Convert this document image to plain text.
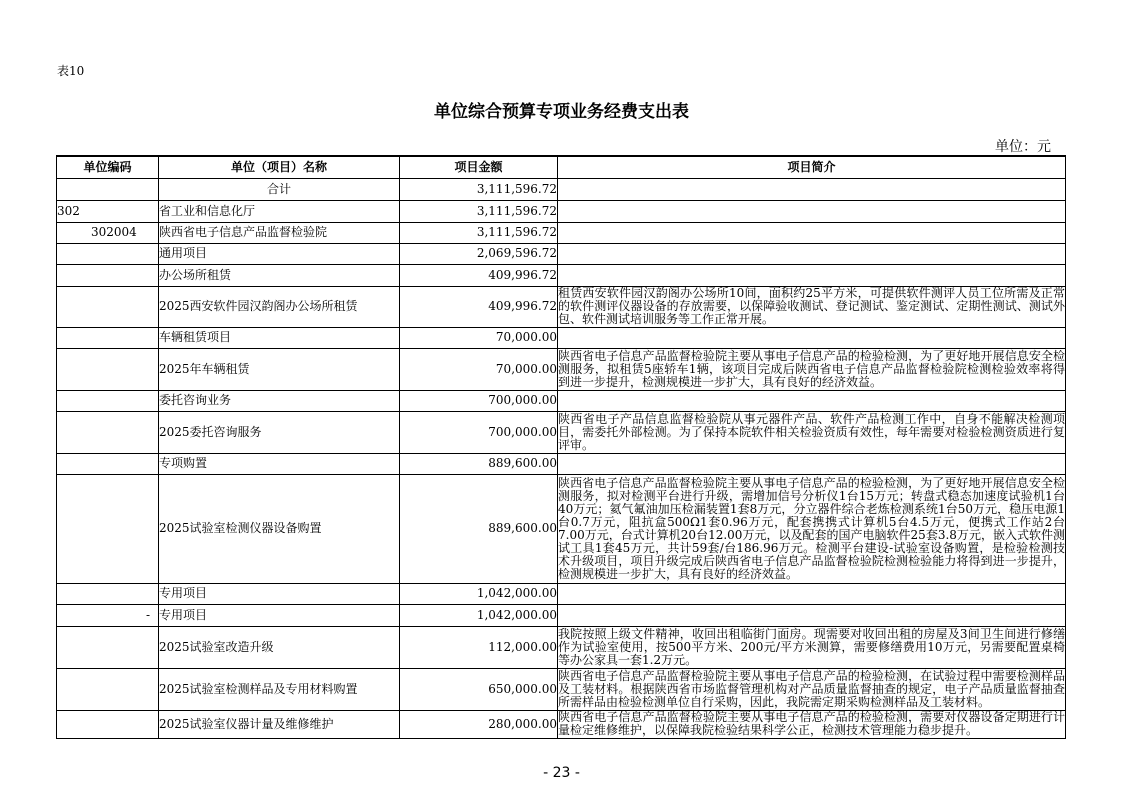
表10
单位综合预算专项业务经费支出表
单位：元
单位编码	单位（项目）名称	项目金额	项目简介
	合计	3,111,596.72	
302	省工业和信息化厅	3,111,596.72	
302004	陕西省电子信息产品监督检验院	3,111,596.72	
	通用项目	2,069,596.72	
	办公场所租赁	409,996.72	
	2025西安软件园汉韵阁办公场所租赁	409,996.72	租赁西安软件园汉韵阁办公场所10间，面积约25平方米，可提供软件测评人员工位所需及正常的软件测评仪器设备的存放需要，以保障验收测试、登记测试、鉴定测试、定期性测试、测试外包、软件测试培训服务等工作正常开展。
	车辆租赁项目	70,000.00	
	2025年车辆租赁	70,000.00	陕西省电子信息产品监督检验院主要从事电子信息产品的检验检测，为了更好地开展信息安全检测服务，拟租赁5座轿车1辆，该项目完成后陕西省电子信息产品监督检验院检测检验效率将得到进一步提升，检测规模进一步扩大，具有良好的经济效益。
	委托咨询业务	700,000.00	
	2025委托咨询服务	700,000.00	陕西省电子产品信息监督检验院从事元器件产品、软件产品检测工作中，自身不能解决检测项目，需委托外部检测。为了保持本院软件相关检验资质有效性，每年需要对检验检测资质进行复评审。
	专项购置	889,600.00	
	2025试验室检测仪器设备购置	889,600.00	陕西省电子信息产品监督检验院主要从事电子信息产品的检验检测，为了更好地开展信息安全检测服务，拟对检测平台进行升级，需增加信号分析仪1台15万元；转盘式稳态加速度试验机1台40万元；氦气氟油加压检漏装置1套8万元，分立器件综合老炼检测系统1台50万元，稳压电源1台0.7万元，阻抗盒500Ω1套0.96万元，配套携携式计算机5台4.5万元，便携式工作站2台7.00万元，台式计算机20台12.00万元，以及配套的国产电脑软件25套3.8万元，嵌入式软件测试工具1套45万元，共计59套/台186.96万元。检测平台建设-试验室设备购置，是检验检测技术升级项目，项目升级完成后陕西省电子信息产品监督检验院检测检验能力将得到进一步提升，检测规模进一步扩大，具有良好的经济效益。
	专用项目	1,042,000.00	
-	专用项目	1,042,000.00	
	2025试验室改造升级	112,000.00	我院按照上级文件精神，收回出租临街门面房。现需要对收回出租的房屋及3间卫生间进行修缮作为试验室使用，按500平方米、200元/平方米测算，需要修缮费用10万元，另需要配置桌椅等办公家具一套1.2万元。
	2025试验室检测样品及专用材料购置	650,000.00	陕西省电子信息产品监督检验院主要从事电子信息产品的检验检测，在试验过程中需要检测样品及工装材料。根据陕西省市场监督管理机构对产品质量监督抽查的规定，电子产品质量监督抽查所需样品由检验检测单位自行采购，因此，我院需定期采购检测样品及工装材料。
	2025试验室仪器计量及维修维护	280,000.00	陕西省电子信息产品监督检验院主要从事电子信息产品的检验检测，需要对仪器设备定期进行计量检定维修维护，以保障我院检验结果科学公正，检测技术管理能力稳步提升。
- 23 -
